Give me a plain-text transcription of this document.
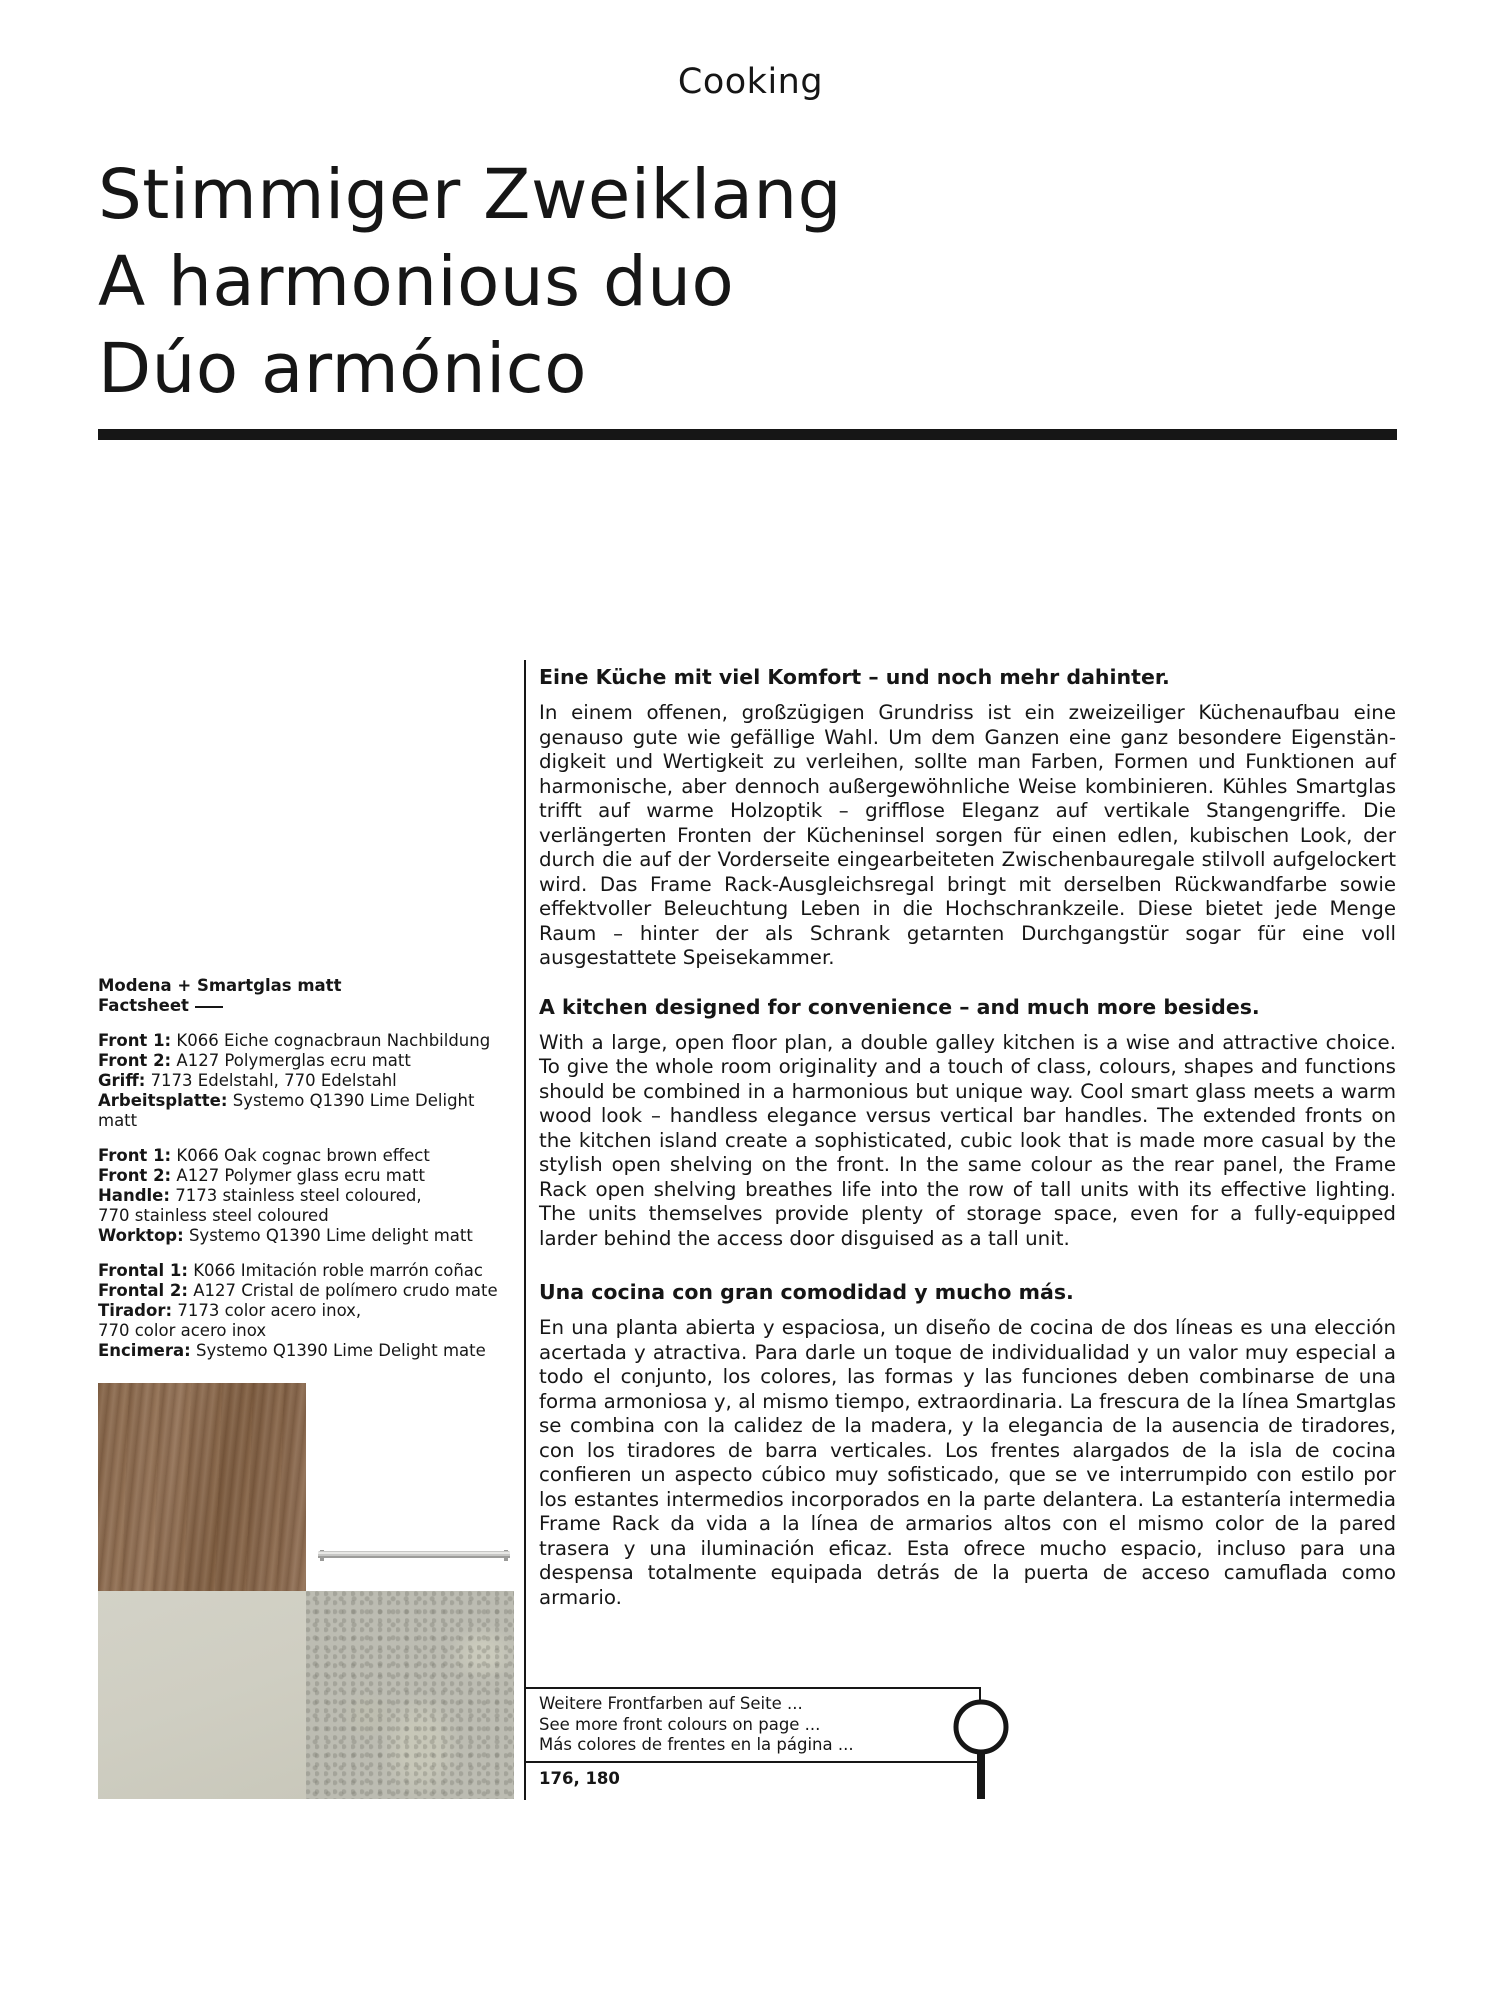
Cooking
Stimmiger Zweiklang
A harmonious duo
Dúo armónico
Modena + Smartglas matt
Factsheet
Front 1: K066 Eiche cognacbraun Nachbildung
Front 2: A127 Polymerglas ecru matt
Griff: 7173 Edelstahl, 770 Edelstahl
Arbeitsplatte: Systemo Q1390 Lime Delight matt
Front 1: K066 Oak cognac brown effect
Front 2: A127 Polymer glass ecru matt
Handle: 7173 stainless steel coloured,
770 stainless steel coloured
Worktop: Systemo Q1390 Lime delight matt
Frontal 1: K066 Imitación roble marrón coñac
Frontal 2: A127 Cristal de polímero crudo mate
Tirador: 7173 color acero inox,
770 color acero inox
Encimera: Systemo Q1390 Lime Delight mate
Eine Küche mit viel Komfort – und noch mehr dahinter.

In einem offenen, großzügigen Grundriss ist ein zweizeiliger Küchenaufbau eine genauso gute wie gefällige Wahl. Um dem Ganzen eine ganz besondere Eigenständigkeit und Wertigkeit zu verleihen, sollte man Farben, Formen und Funktionen auf harmonische, aber dennoch außergewöhnliche Weise kombinieren. Kühles Smartglas trifft auf warme Holzoptik – grifflose Eleganz auf vertikale Stangengriffe. Die verlängerten Fronten der Kücheninsel sorgen für einen edlen, kubischen Look, der durch die auf der Vorderseite eingearbeiteten Zwischenbauregale stilvoll aufgelockert wird. Das Frame Rack-Ausgleichsregal bringt mit derselben Rückwandfarbe sowie effektvoller Beleuchtung Leben in die Hochschrankzeile. Diese bietet jede Menge Raum – hinter der als Schrank getarnten Durchgangstür sogar für eine voll ausgestattete Speisekammer.

A kitchen designed for convenience – and much more besides.

With a large, open floor plan, a double galley kitchen is a wise and attractive choice. To give the whole room originality and a touch of class, colours, shapes and functions should be combined in a harmonious but unique way. Cool smart glass meets a warm wood look – handless elegance versus vertical bar handles. The extended fronts on the kitchen island create a sophisticated, cubic look that is made more casual by the stylish open shelving on the front. In the same colour as the rear panel, the Frame Rack open shelving breathes life into the row of tall units with its effective lighting. The units themselves provide plenty of storage space, even for a fully-equipped larder behind the access door disguised as a tall unit.

Una cocina con gran comodidad y mucho más.

En una planta abierta y espaciosa, un diseño de cocina de dos líneas es una elección acertada y atractiva. Para darle un toque de individualidad y un valor muy especial a todo el conjunto, los colores, las formas y las funciones deben combinarse de una forma armoniosa y, al mismo tiempo, extraordinaria. La frescura de la línea Smartglas se combina con la calidez de la madera, y la elegancia de la ausencia de tiradores, con los tiradores de barra verticales. Los frentes alargados de la isla de cocina confieren un aspecto cúbico muy sofisticado, que se ve interrumpido con estilo por los estantes intermedios incorporados en la parte delantera. La estantería intermedia Frame Rack da vida a la línea de armarios altos con el mismo color de la pared trasera y una iluminación eficaz. Esta ofrece mucho espacio, incluso para una despensa totalmente equipada detrás de la puerta de acceso camuflada como armario.

Weitere Frontfarben auf Seite ...
See more front colours on page ...
Más colores de frentes en la página ...
176, 180
